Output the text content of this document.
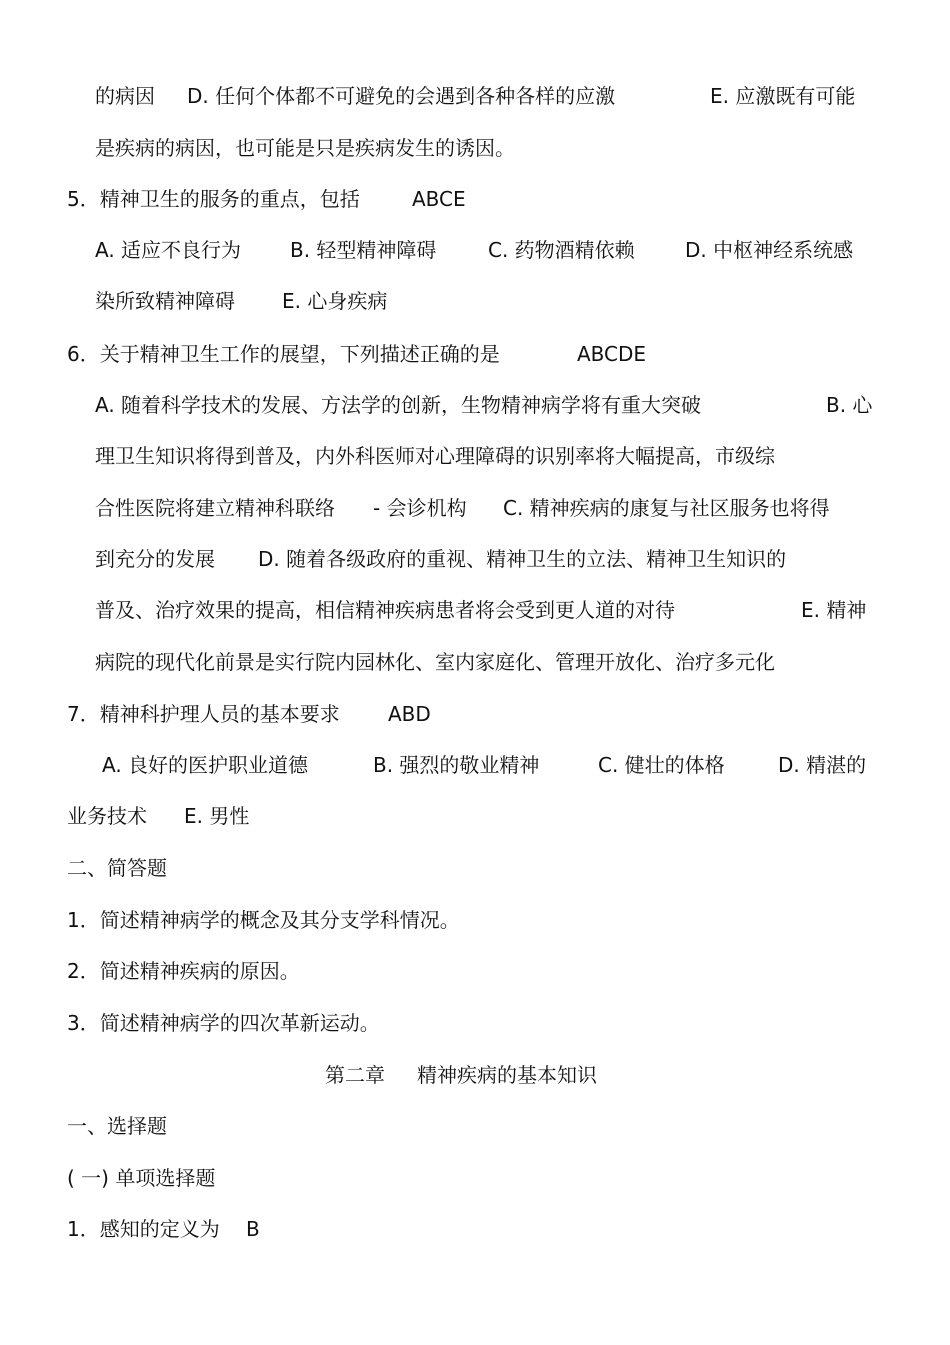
的病因 D. 任何个体都不可避免的会遇到各种各样的应激	E. 应激既有可能
是疾病的病因，也可能是只是疾病发生的诱因。
5．精神卫生的服务的重点，包括	ABCE
A. 适应不良行为 B. 轻型精神障碍	C. 药物酒精依赖	D. 中枢神经系统感
染所致精神障碍 E. 心身疾病
6．关于精神卫生工作的展望，下列描述正确的是	ABCDE
A. 随着科学技术的发展、方法学的创新，生物精神病学将有重大突破	B. 心
理卫生知识将得到普及，内外科医师对心理障碍的识别率将大幅提高，市级综
合性医院将建立精神科联络 - 会诊机构 C. 精神疾病的康复与社区服务也将得
到充分的发展 D. 随着各级政府的重视、精神卫生的立法、精神卫生知识的
普及、治疗效果的提高，相信精神疾病患者将会受到更人道的对待	E. 精神
病院的现代化前景是实行院内园林化、室内家庭化、管理开放化、治疗多元化
7．精神科护理人员的基本要求 ABD
A. 良好的医护职业道德	B. 强烈的敬业精神	C. 健壮的体格	D. 精湛的
业务技术 E. 男性
二、简答题
1．简述精神病学的概念及其分支学科情况。
2．简述精神疾病的原因。
3．简述精神病学的四次革新运动。
第二章 精神疾病的基本知识
一、选择题
( 一) 单项选择题
1．感知的定义为 B
